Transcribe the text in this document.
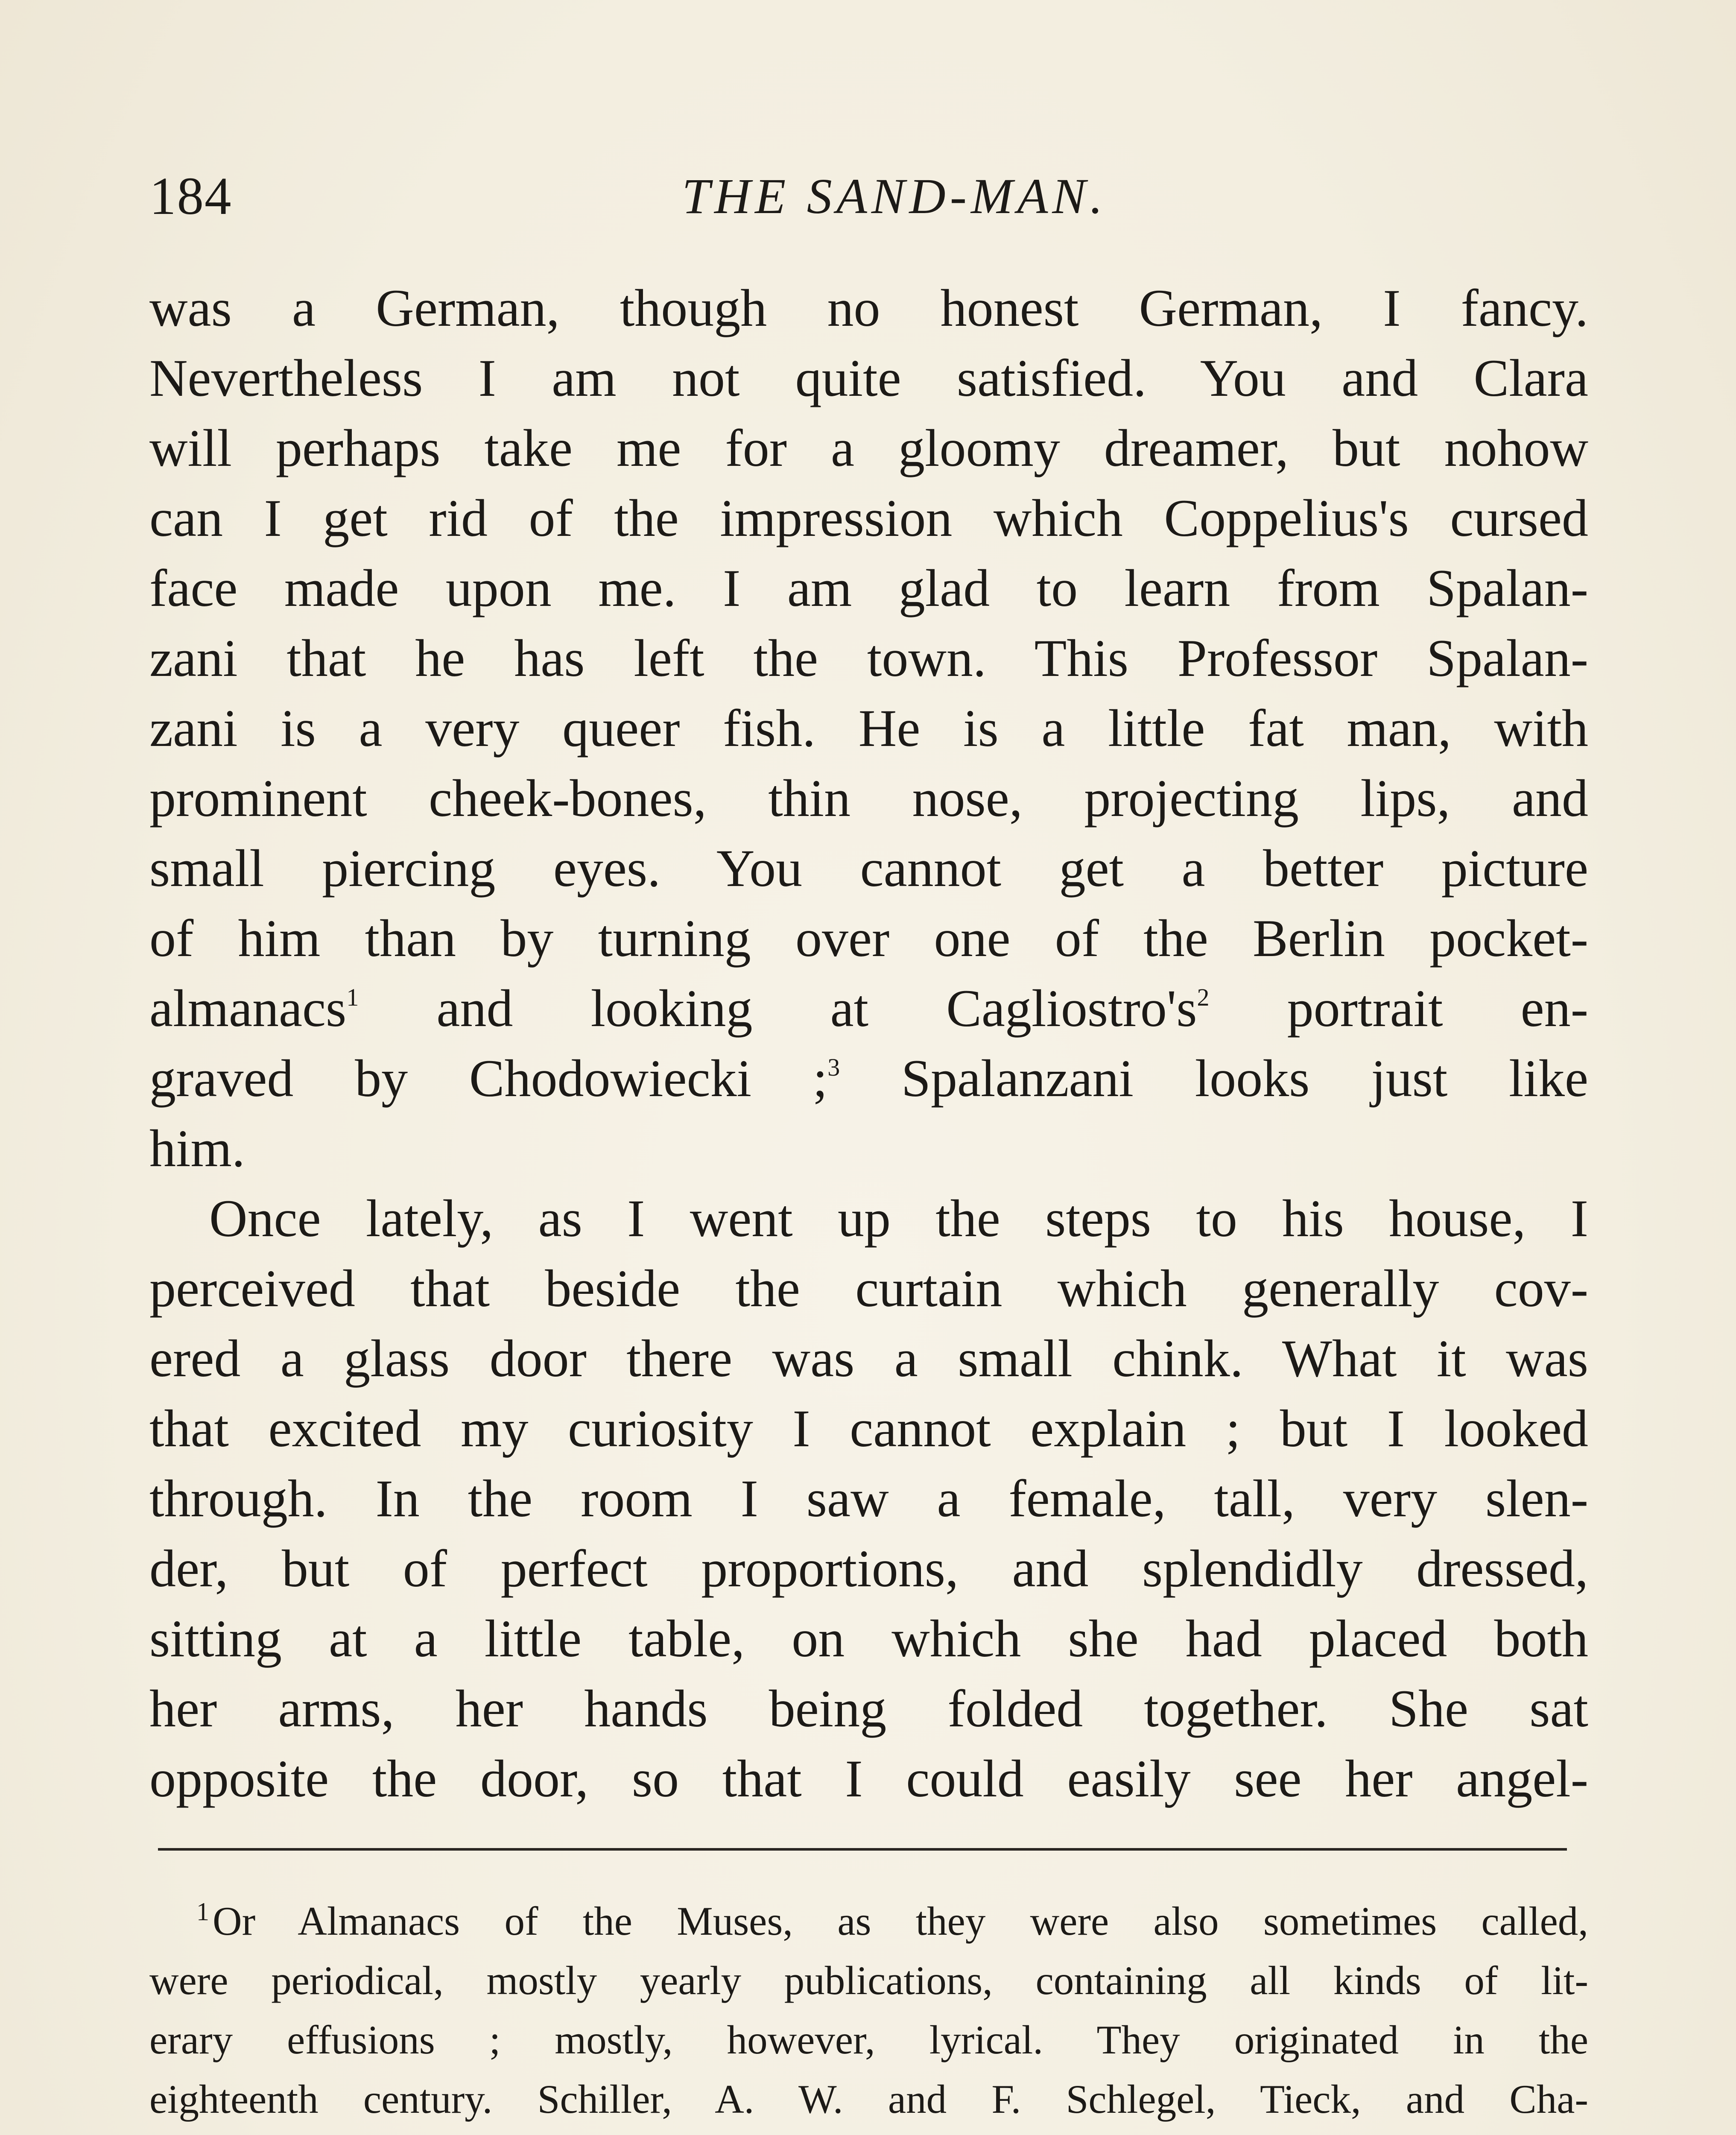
184	THE SAND-MAN.
was a German, though no honest German, I fancy.
Nevertheless I am not quite satisfied. You and Clara
will perhaps take me for a gloomy dreamer, but nohow
can I get rid of the impression which Coppelius's cursed
face made upon me. I am glad to learn from Spalan-
zani that he has left the town. This Professor Spalan-
zani is a very queer fish. He is a little fat man, with
prominent cheek-bones, thin nose, projecting lips, and
small piercing eyes. You cannot get a better picture
of him than by turning over one of the Berlin pocket-
almanacs$^1$ and looking at $Cagliostro's^2$ portrait en-
graved by Chodowiecki ;$^3$ Spalanzani looks just like
him.
Once lately, as I went up the steps to his house, I
perceived that beside the curtain which generally cov-
ered a glass door there was a small chink. What it was
that excited my curiosity I cannot explain ; but I looked
through. In the room I saw a female, tall, very slen-
der, but of perfect proportions, and splendidly dressed,
sitting at a little table, on which she had placed both
her arms, her hands being folded together. She sat
opposite the door, so that I could easily see her angel-
$^1$Or Almanacs of the Muses, as they were also sometimes called,
were periodical, mostly yearly publications, containing all kinds of lit-
erary effusions ; mostly, however, lyrical. They originated in the
eighteenth century. Schiller, A. W. and F. Schlegel, Tieck, and Cha-
